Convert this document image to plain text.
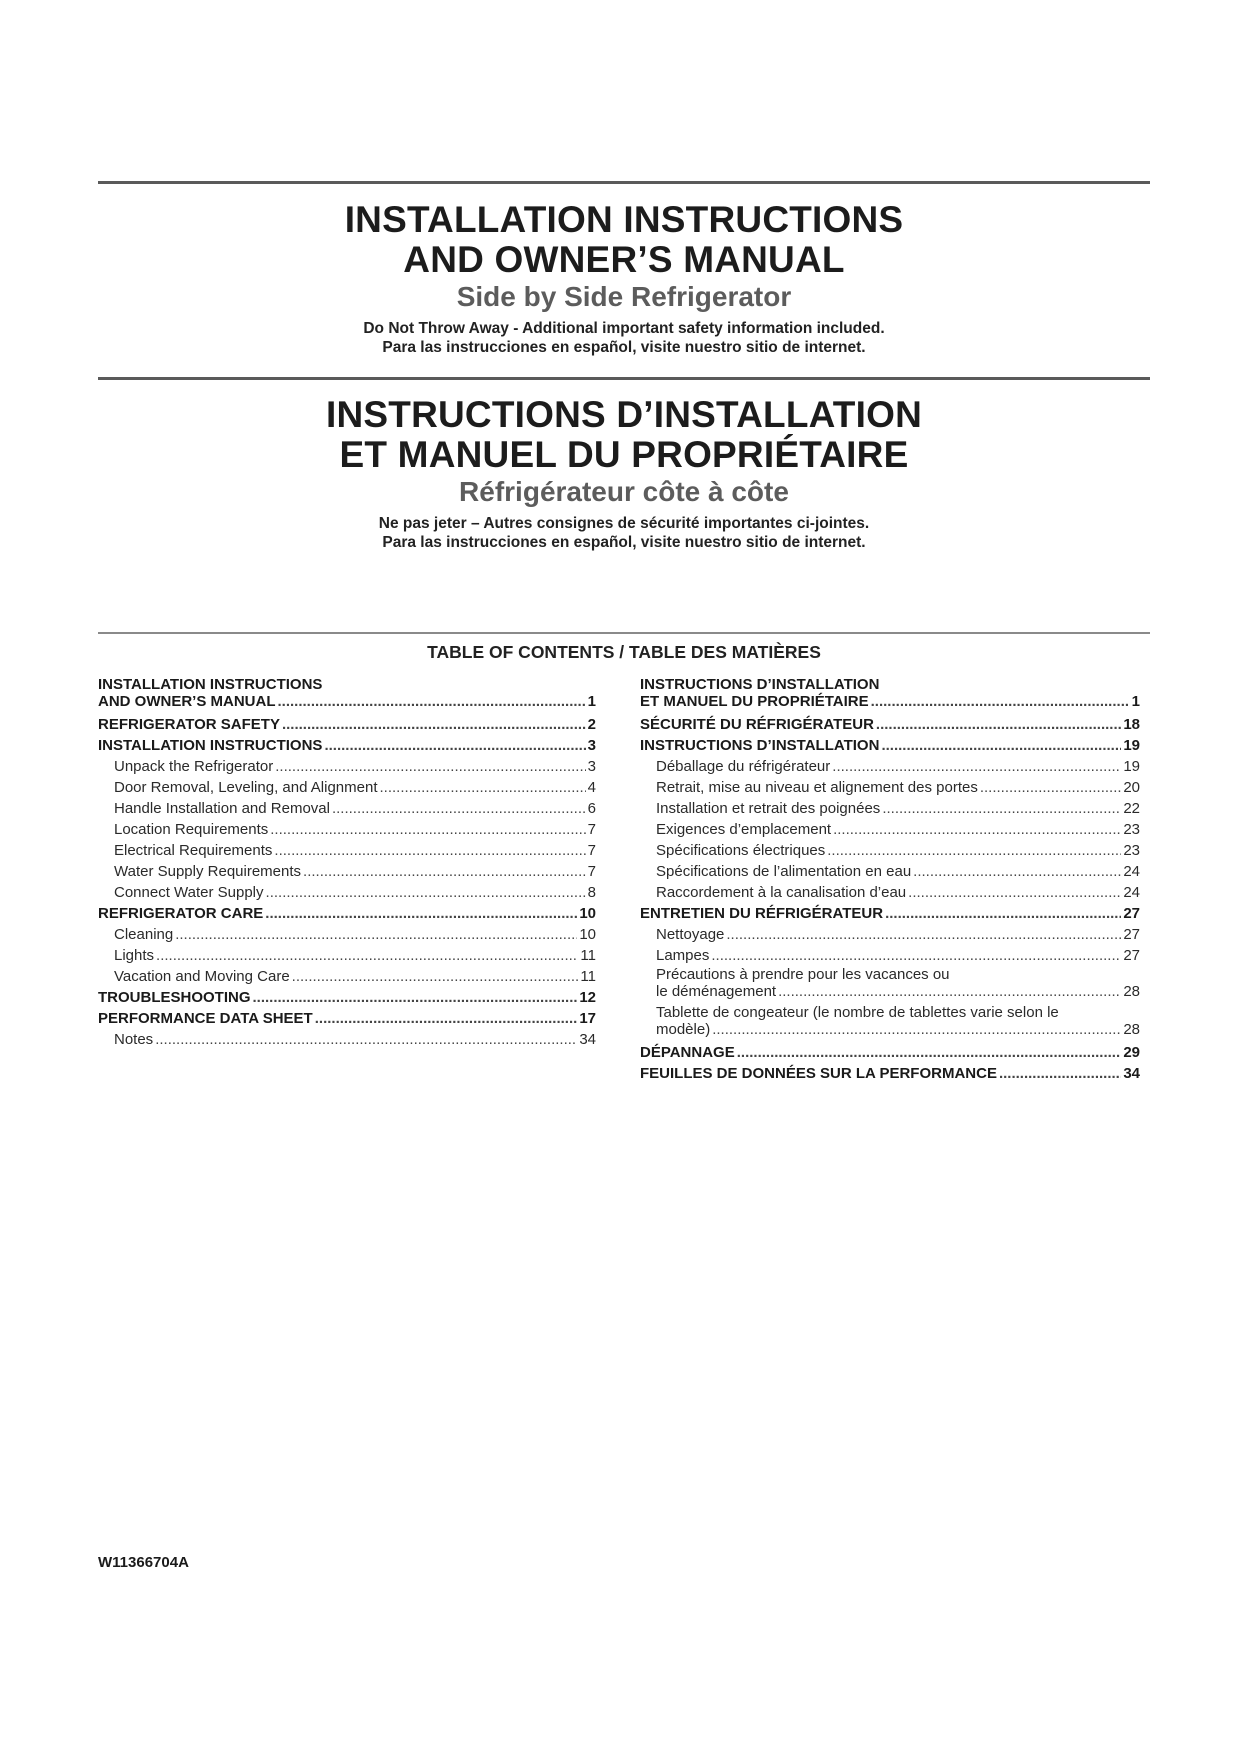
INSTALLATION INSTRUCTIONS
AND OWNER’S MANUAL
Side by Side Refrigerator
Do Not Throw Away - Additional important safety information included.
Para las instrucciones en español, visite nuestro sitio de internet.
INSTRUCTIONS D’INSTALLATION
ET MANUEL DU PROPRIÉTAIRE
Réfrigérateur côte à côte
Ne pas jeter – Autres consignes de sécurité importantes ci-jointes.
Para las instrucciones en español, visite nuestro sitio de internet.
TABLE OF CONTENTS / TABLE DES MATIÈRES
INSTALLATION INSTRUCTIONS
AND OWNER’S MANUAL .....	1
REFRIGERATOR SAFETY .....	2
INSTALLATION INSTRUCTIONS .....	3
Unpack the Refrigerator .....	3
Door Removal, Leveling, and Alignment .....	4
Handle Installation and Removal .....	6
Location Requirements .....	7
Electrical Requirements .....	7
Water Supply Requirements .....	7
Connect Water Supply .....	8
REFRIGERATOR CARE .....	10
Cleaning .....	10
Lights .....	11
Vacation and Moving Care .....	11
TROUBLESHOOTING .....	12
PERFORMANCE DATA SHEET .....	17
Notes .....	34
INSTRUCTIONS D’INSTALLATION
ET MANUEL DU PROPRIÉTAIRE .....	1
SÉCURITÉ DU RÉFRIGÉRATEUR .....	18
INSTRUCTIONS D’INSTALLATION .....	19
Déballage du réfrigérateur .....	19
Retrait, mise au niveau et alignement des portes .....	20
Installation et retrait des poignées .....	22
Exigences d’emplacement .....	23
Spécifications électriques .....	23
Spécifications de l’alimentation en eau .....	24
Raccordement à la canalisation d’eau .....	24
ENTRETIEN DU RÉFRIGÉRATEUR .....	27
Nettoyage .....	27
Lampes .....	27
Précautions à prendre pour les vacances ou
le déménagement .....	28
Tablette de congeateur (le nombre de tablettes varie selon le
modèle) .....	28
DÉPANNAGE .....	29
FEUILLES DE DONNÉES SUR LA PERFORMANCE .....	34
W11366704A
